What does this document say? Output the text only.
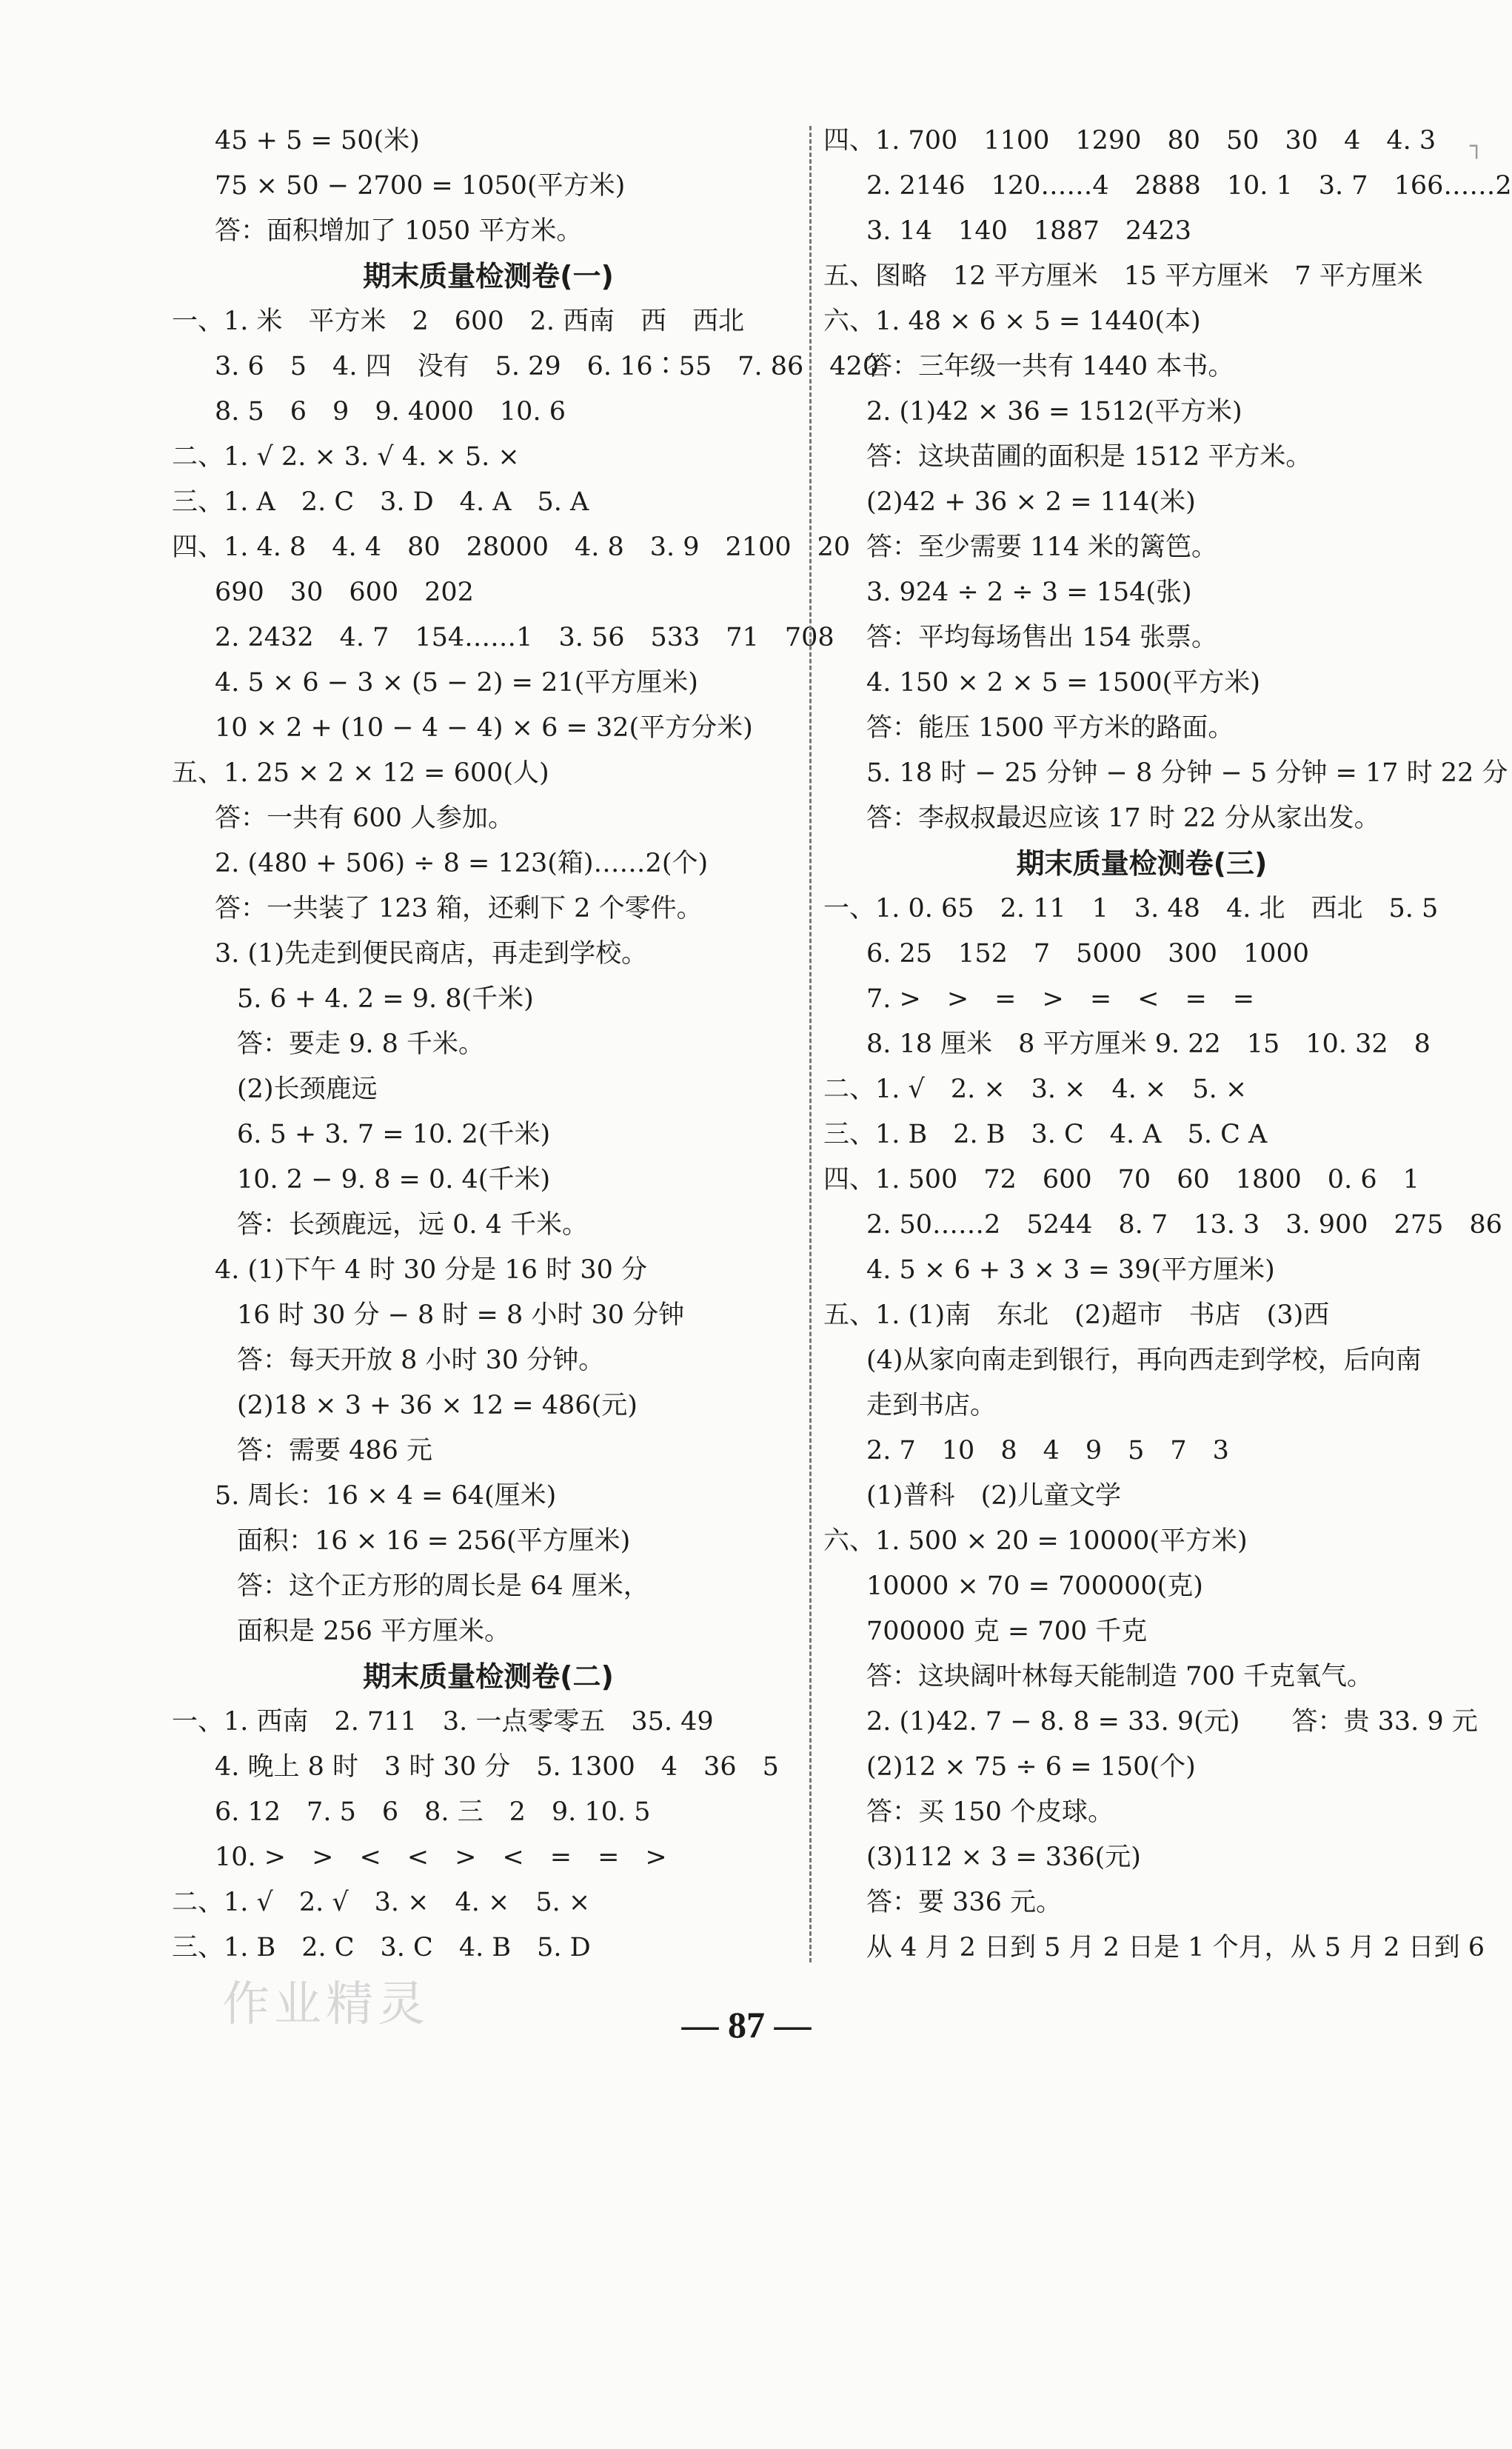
45 + 5 = 50(米)
75 × 50 − 2700 = 1050(平方米)
答：面积增加了 1050 平方米。
期末质量检测卷(一)
一、1. 米　平方米　2　600　2. 西南　西　西北
3. 6　5　4. 四　没有　5. 29　6. 16∶55　7. 86　420
8. 5　6　9　9. 4000　10. 6
二、1. √ 2. × 3. √ 4. × 5. ×
三、1. A　2. C　3. D　4. A　5. A
四、1. 4. 8　4. 4　80　28000　4. 8　3. 9　2100　20
690　30　600　202
2. 2432　4. 7　154……1　3. 56　533　71　708
4. 5 × 6 − 3 × (5 − 2) = 21(平方厘米)
10 × 2 + (10 − 4 − 4) × 6 = 32(平方分米)
五、1. 25 × 2 × 12 = 600(人)
答：一共有 600 人参加。
2. (480 + 506) ÷ 8 = 123(箱)……2(个)
答：一共装了 123 箱，还剩下 2 个零件。
3. (1)先走到便民商店，再走到学校。
5. 6 + 4. 2 = 9. 8(千米)
答：要走 9. 8 千米。
(2)长颈鹿远
6. 5 + 3. 7 = 10. 2(千米)
10. 2 − 9. 8 = 0. 4(千米)
答：长颈鹿远，远 0. 4 千米。
4. (1)下午 4 时 30 分是 16 时 30 分
16 时 30 分 − 8 时 = 8 小时 30 分钟
答：每天开放 8 小时 30 分钟。
(2)18 × 3 + 36 × 12 = 486(元)
答：需要 486 元
5. 周长：16 × 4 = 64(厘米)
面积：16 × 16 = 256(平方厘米)
答：这个正方形的周长是 64 厘米，
面积是 256 平方厘米。
期末质量检测卷(二)
一、1. 西南　2. 711　3. 一点零零五　35. 49
4. 晚上 8 时　3 时 30 分　5. 1300　4　36　5
6. 12　7. 5　6　8. 三　2　9. 10. 5
10. >　>　<　<　>　<　=　=　>
二、1. √　2. √　3. ×　4. ×　5. ×
三、1. B　2. C　3. C　4. B　5. D
四、1. 700　1100　1290　80　50　30　4　4. 3
2. 2146　120……4　2888　10. 1　3. 7　166……2
3. 14　140　1887　2423
五、图略　12 平方厘米　15 平方厘米　7 平方厘米
六、1. 48 × 6 × 5 = 1440(本)
答：三年级一共有 1440 本书。
2. (1)42 × 36 = 1512(平方米)
答：这块苗圃的面积是 1512 平方米。
(2)42 + 36 × 2 = 114(米)
答：至少需要 114 米的篱笆。
3. 924 ÷ 2 ÷ 3 = 154(张)
答：平均每场售出 154 张票。
4. 150 × 2 × 5 = 1500(平方米)
答：能压 1500 平方米的路面。
5. 18 时 − 25 分钟 − 8 分钟 − 5 分钟 = 17 时 22 分
答：李叔叔最迟应该 17 时 22 分从家出发。
期末质量检测卷(三)
一、1. 0. 65　2. 11　1　3. 48　4. 北　西北　5. 5
6. 25　152　7　5000　300　1000
7. >　>　=　>　=　<　=　=
8. 18 厘米　8 平方厘米 9. 22　15　10. 32　8
二、1. √　2. ×　3. ×　4. ×　5. ×
三、1. B　2. B　3. C　4. A　5. C A
四、1. 500　72　600　70　60　1800　0. 6　1
2. 50……2　5244　8. 7　13. 3　3. 900　275　86
4. 5 × 6 + 3 × 3 = 39(平方厘米)
五、1. (1)南　东北　(2)超市　书店　(3)西
(4)从家向南走到银行，再向西走到学校，后向南
走到书店。
2. 7　10　8　4　9　5　7　3
(1)普科　(2)儿童文学
六、1. 500 × 20 = 10000(平方米)
10000 × 70 = 700000(克)
700000 克 = 700 千克
答：这块阔叶林每天能制造 700 千克氧气。
2. (1)42. 7 − 8. 8 = 33. 9(元)　　答：贵 33. 9 元
(2)12 × 75 ÷ 6 = 150(个)
答：买 150 个皮球。
(3)112 × 3 = 336(元)
答：要 336 元。
从 4 月 2 日到 5 月 2 日是 1 个月，从 5 月 2 日到 6
— 87 —
作业精灵
┐
